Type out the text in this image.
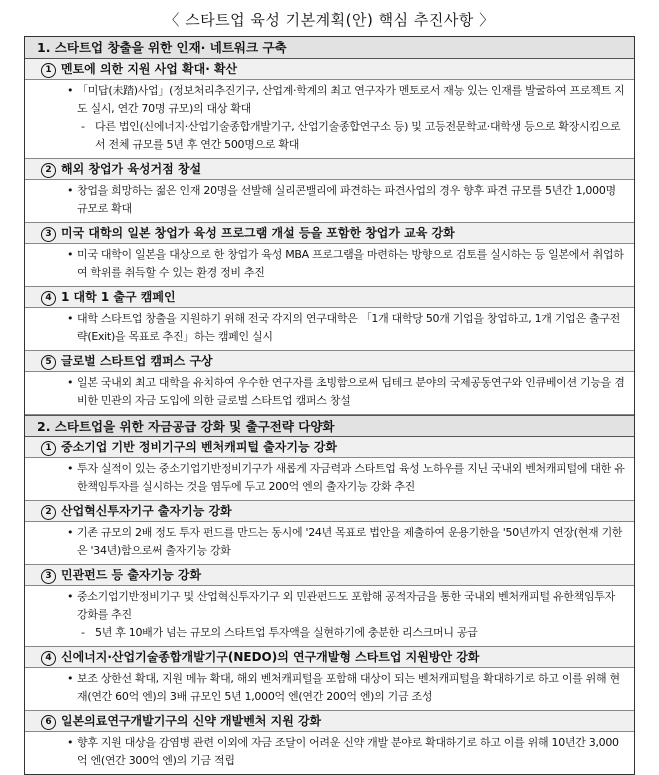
〈 스타트업 육성 기본계획(안) 핵심 추진사항 〉
1. 스타트업 창출을 위한 인재· 네트워크 구축
1 멘토에 의한 지원 사업 확대· 확산
• 「미답(未踏)사업」(정보처리추진기구, 산업계·학계의 최고 연구자가 멘토로서 재능 있는 인재를 발굴하여 프로젝트 지도 실시, 연간 70명 규모)의 대상 확대
- 다른 법인(신에너지·산업기술종합개발기구, 산업기술종합연구소 등) 및 고등전문학교·대학생 등으로 확장시킴으로서 전체 규모를 5년 후 연간 500명으로 확대
2 해외 창업가 육성거점 창설
• 창업을 희망하는 젊은 인재 20명을 선발해 실리콘밸리에 파견하는 파견사업의 경우 향후 파견 규모를 5년간 1,000명 규모로 확대
3 미국 대학의 일본 창업가 육성 프로그램 개설 등을 포함한 창업가 교육 강화
• 미국 대학이 일본을 대상으로 한 창업가 육성 MBA 프로그램을 마련하는 방향으로 검토를 실시하는 등 일본에서 취업하여 학위를 취득할 수 있는 환경 정비 추진
4 1 대학 1 출구 캠페인
• 대학 스타트업 창출을 지원하기 위해 전국 각지의 연구대학은 「1개 대학당 50개 기업을 창업하고, 1개 기업은 출구전략(Exit)을 목표로 추진」하는 캠페인 실시
5 글로벌 스타트업 캠퍼스 구상
• 일본 국내외 최고 대학을 유치하여 우수한 연구자를 초빙함으로써 딥테크 분야의 국제공동연구와 인큐베이션 기능을 겸비한 민관의 자금 도입에 의한 글로벌 스타트업 캠퍼스 창설
2. 스타트업을 위한 자금공급 강화 및 출구전략 다양화
1 중소기업 기반 정비기구의 벤처캐피털 출자기능 강화
• 투자 실적이 있는 중소기업기반정비기구가 새롭게 자금력과 스타트업 육성 노하우를 지닌 국내외 벤처캐피털에 대한 유한책임투자를 실시하는 것을 염두에 두고 200억 엔의 출자기능 강화 추진
2 산업혁신투자기구 출자기능 강화
• 기존 규모의 2배 정도 투자 펀드를 만드는 동시에 '24년 목표로 법안을 제출하여 운용기한을 '50년까지 연장(현재 기한은 '34년)함으로써 출자기능 강화
3 민관펀드 등 출자기능 강화
• 중소기업기반정비기구 및 산업혁신투자기구 외 민관펀드도 포함해 공적자금을 통한 국내외 벤처캐피털 유한책임투자 강화를 추진
- 5년 후 10배가 넘는 규모의 스타트업 투자액을 실현하기에 충분한 리스크머니 공급
4 신에너지·산업기술종합개발기구(NEDO)의 연구개발형 스타트업 지원방안 강화
• 보조 상한선 확대, 지원 메뉴 확대, 해외 벤처캐피털을 포함해 대상이 되는 벤처캐피털을 확대하기로 하고 이를 위해 현재(연간 60억 엔)의 3배 규모인 5년 1,000억 엔(연간 200억 엔)의 기금 조성
6 일본의료연구개발기구의 신약 개발벤처 지원 강화
• 향후 지원 대상을 감염병 관련 이외에 자금 조달이 어려운 신약 개발 분야로 확대하기로 하고 이를 위해 10년간 3,000억 엔(연간 300억 엔)의 기금 적립
